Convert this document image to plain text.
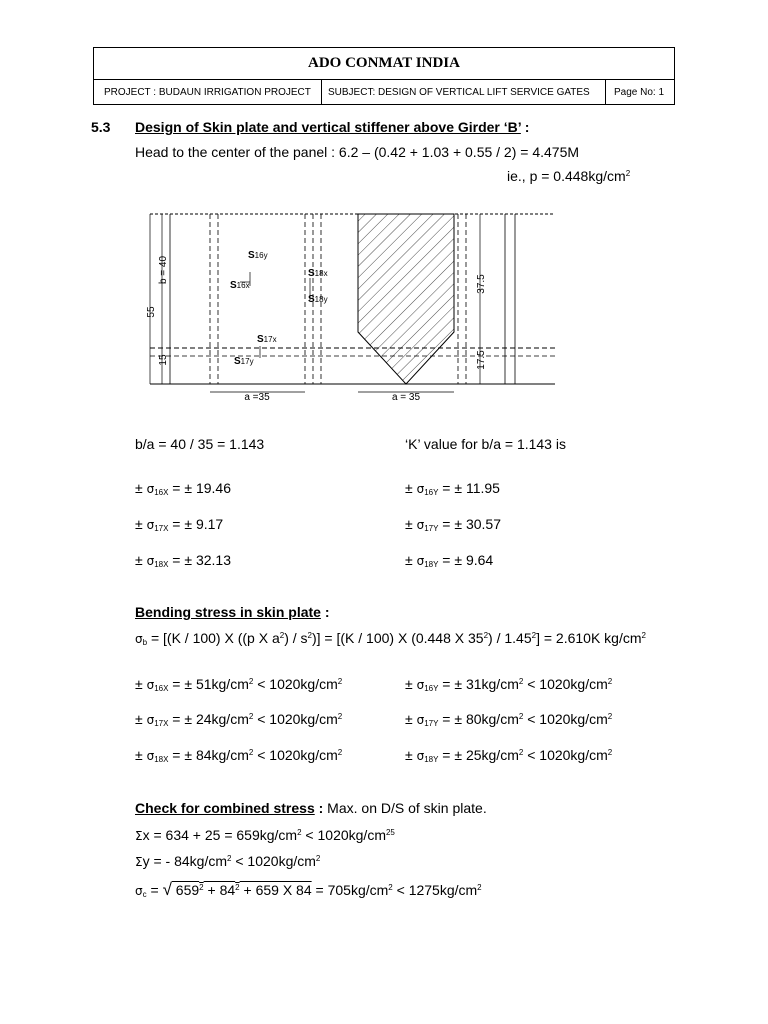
ADO CONMAT INDIA
PROJECT : BUDAUN IRRIGATION PROJECT	SUBJECT: DESIGN OF VERTICAL LIFT SERVICE GATES	Page No: 1
5.3 Design of Skin plate and vertical stiffener above Girder ‘B’ :
Head to the center of the panel : 6.2 – (0.42 + 1.03 + 0.55 / 2) = 4.475M
ie., $p = 0.448kg/cm^2$
b = 40
55
15
37.5
17.5
a =35	a = 35
S16y
S16x
S18x
S18y
S17x
S17y
b/a = 40 / 35 = 1.143	‘K’ value for b/a = 1.143 is
± $\sigma_{16X}$ = ± 19.46	± $\sigma_{16Y}$ = ± 11.95
± $\sigma_{17X}$ = ± 9.17	± $\sigma_{17Y}$ = ± 30.57
± $\sigma_{18X}$ = ± 32.13	± $\sigma_{18Y}$ = ± 9.64
Bending stress in skin plate :
$\sigma_b = [(K / 100)$ X ((p X $a^2) / s^2)] = [(K / 100)$ X (0.448 X $35^2) / 1.45^2] = 2.610K$ $kg/cm^2$
± $\sigma_{16X}$ = ± $51kg/cm^2 < 1020kg/cm^2$	± $\sigma_{16Y}$ = ± $31kg/cm^2 < 1020kg/cm^2$
± $\sigma_{17X}$ = ± $24kg/cm^2 < 1020kg/cm^2$	± $\sigma_{17Y}$ = ± $80kg/cm^2 < 1020kg/cm^2$
± $\sigma_{18X}$ = ± $84kg/cm^2 < 1020kg/cm^2$	± $\sigma_{18Y}$ = ± $25kg/cm^2 < 1020kg/cm^2$
Check for combined stress : Max. on D/S of skin plate.
$\Sigma x = 634 + 25 = 659kg/cm^2 < 1020kg/cm^{25}$
Σy = - $84kg/cm^2 < 1020kg/cm^2$
$\sigma_c$ = √ $659^2 + 84^2 + 659$ X $84 = 705kg/cm^2 < 1275kg/cm^2$
